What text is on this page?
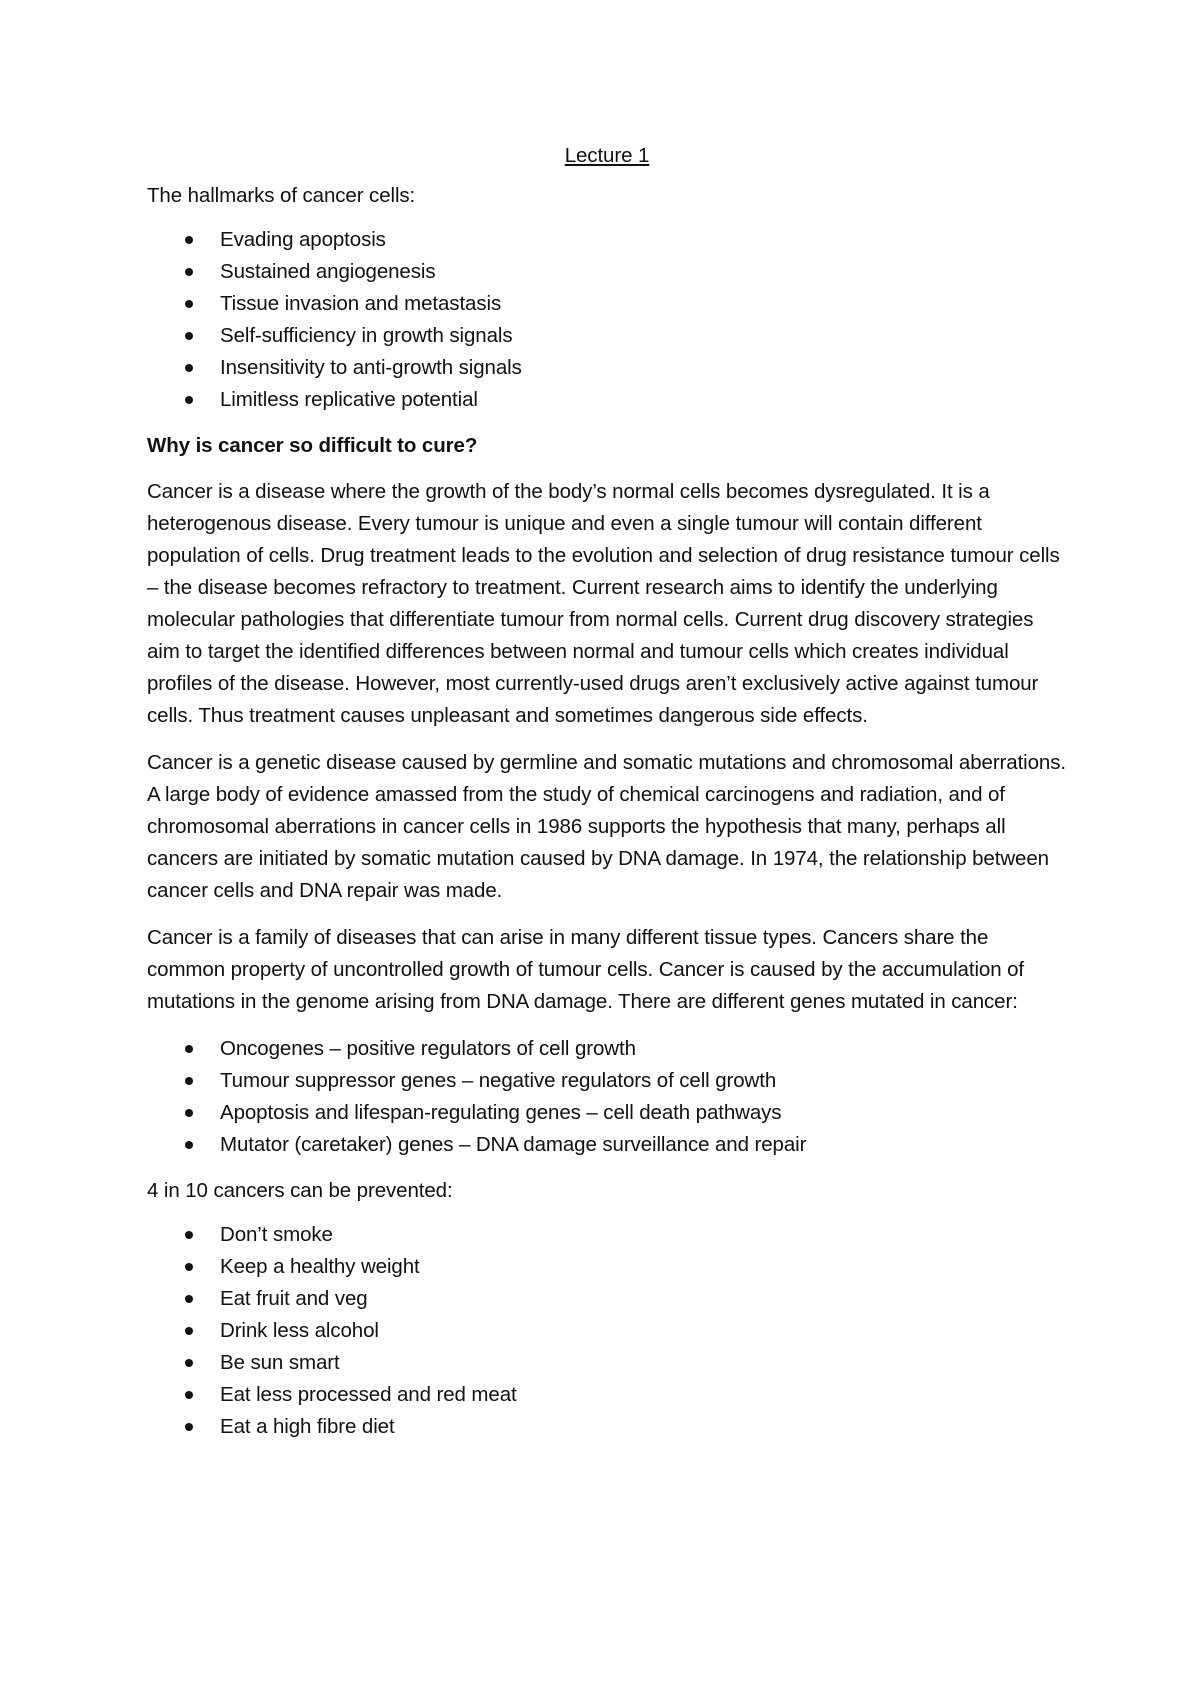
Lecture 1

The hallmarks of cancer cells:

Evading apoptosis
Sustained angiogenesis
Tissue invasion and metastasis
Self-sufficiency in growth signals
Insensitivity to anti-growth signals
Limitless replicative potential

Why is cancer so difficult to cure?

Cancer is a disease where the growth of the body’s normal cells becomes dysregulated. It is a heterogenous disease. Every tumour is unique and even a single tumour will contain different population of cells. Drug treatment leads to the evolution and selection of drug resistance tumour cells – the disease becomes refractory to treatment. Current research aims to identify the underlying molecular pathologies that differentiate tumour from normal cells. Current drug discovery strategies aim to target the identified differences between normal and tumour cells which creates individual profiles of the disease. However, most currently-used drugs aren’t exclusively active against tumour cells. Thus treatment causes unpleasant and sometimes dangerous side effects.

Cancer is a genetic disease caused by germline and somatic mutations and chromosomal aberrations. A large body of evidence amassed from the study of chemical carcinogens and radiation, and of chromosomal aberrations in cancer cells in 1986 supports the hypothesis that many, perhaps all cancers are initiated by somatic mutation caused by DNA damage. In 1974, the relationship between cancer cells and DNA repair was made.

Cancer is a family of diseases that can arise in many different tissue types. Cancers share the common property of uncontrolled growth of tumour cells. Cancer is caused by the accumulation of mutations in the genome arising from DNA damage. There are different genes mutated in cancer:

Oncogenes – positive regulators of cell growth
Tumour suppressor genes – negative regulators of cell growth
Apoptosis and lifespan-regulating genes – cell death pathways
Mutator (caretaker) genes – DNA damage surveillance and repair

4 in 10 cancers can be prevented:

Don’t smoke
Keep a healthy weight
Eat fruit and veg
Drink less alcohol
Be sun smart
Eat less processed and red meat
Eat a high fibre diet
